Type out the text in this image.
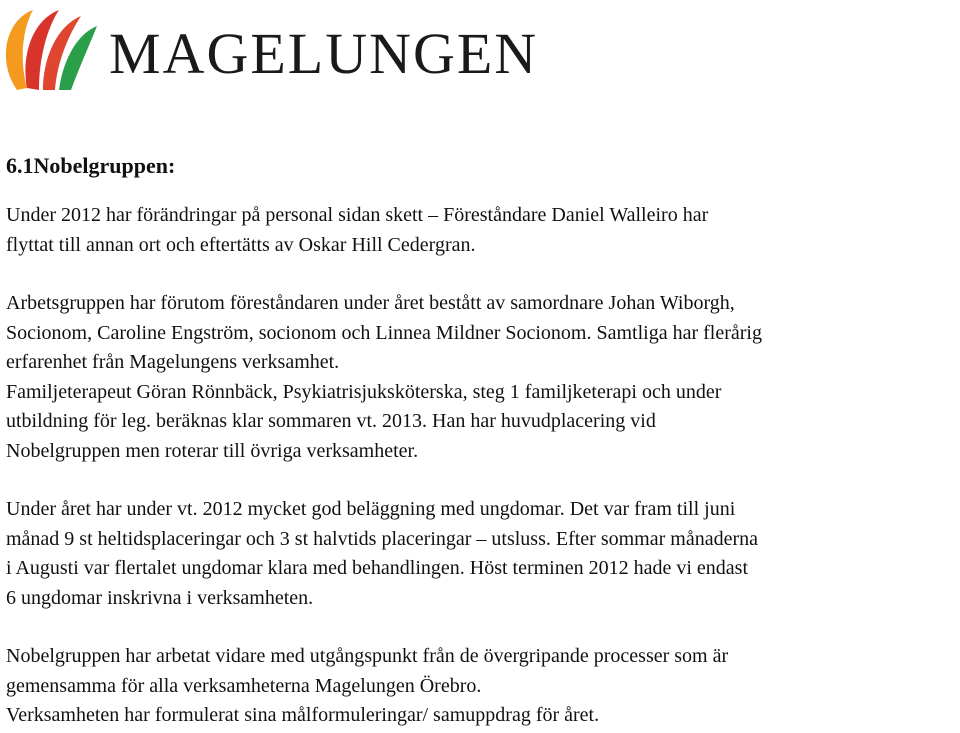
MAGELUNGEN
6.1Nobelgruppen:

Under 2012 har förändringar på personal sidan skett – Föreståndare Daniel Walleiro har
flyttat till annan ort och eftertätts av Oskar Hill Cedergran.

Arbetsgruppen har förutom föreståndaren under året bestått av samordnare Johan Wiborgh,
Socionom, Caroline Engström, socionom och Linnea Mildner Socionom. Samtliga har flerårig
erfarenhet från Magelungens verksamhet.
Familjeterapeut Göran Rönnbäck, Psykiatrisjuksköterska, steg 1 familjketerapi och under
utbildning för leg. beräknas klar sommaren vt. 2013. Han har huvudplacering vid
Nobelgruppen men roterar till övriga verksamheter.

Under året har under vt. 2012 mycket god beläggning med ungdomar. Det var fram till juni
månad 9 st heltidsplaceringar och 3 st halvtids placeringar – utsluss. Efter sommar månaderna
i Augusti var flertalet ungdomar klara med behandlingen. Höst terminen 2012 hade vi endast
6 ungdomar inskrivna i verksamheten.

Nobelgruppen har arbetat vidare med utgångspunkt från de övergripande processer som är
gemensamma för alla verksamheterna Magelungen Örebro.
Verksamheten har formulerat sina målformuleringar/ samuppdrag för året.
